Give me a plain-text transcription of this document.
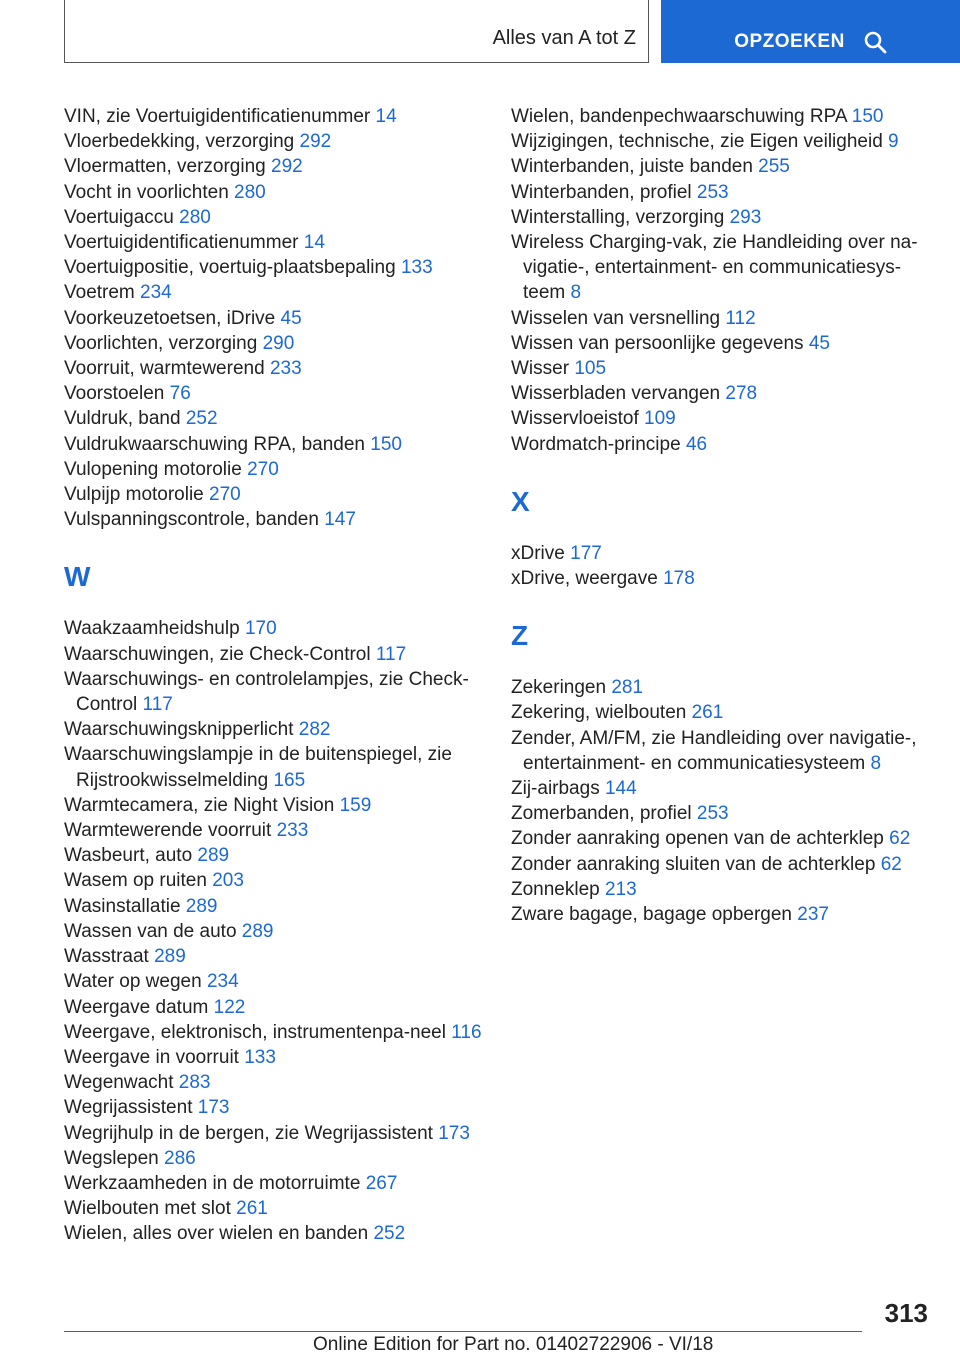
Alles van A tot Z	OPZOEKEN

VIN, zie Voertuigidentificatienummer 14

Vloerbedekking, verzorging 292

Vloermatten, verzorging 292

Vocht in voorlichten 280

Voertuigaccu 280

Voertuigidentificatienummer 14

Voertuigpositie, voertuig-plaatsbepaling 133

Voetrem 234

Voorkeuzetoetsen, iDrive 45

Voorlichten, verzorging 290

Voorruit, warmtewerend 233

Voorstoelen 76

Vuldruk, band 252

Vuldrukwaarschuwing RPA, banden 150

Vulopening motorolie 270

Vulpijp motorolie 270

Vulspanningscontrole, banden 147

W

Waakzaamheidshulp 170

Waarschuwingen, zie Check-Control 117

Waarschuwings- en controlelampjes, zie Check-Control 117

Waarschuwingsknipperlicht 282

Waarschuwingslampje in de buitenspiegel, zie Rijstrookwisselmelding 165

Warmtecamera, zie Night Vision 159

Warmtewerende voorruit 233

Wasbeurt, auto 289

Wasem op ruiten 203

Wasinstallatie 289

Wassen van de auto 289

Wasstraat 289

Water op wegen 234

Weergave datum 122

Weergave, elektronisch, instrumentenpa-neel 116

Weergave in voorruit 133

Wegenwacht 283

Wegrijassistent 173

Wegrijhulp in de bergen, zie Wegrijassistent 173

Wegslepen 286

Werkzaamheden in de motorruimte 267

Wielbouten met slot 261

Wielen, alles over wielen en banden 252

Wielen, bandenpechwaarschuwing RPA 150

Wijzigingen, technische, zie Eigen veiligheid 9

Winterbanden, juiste banden 255

Winterbanden, profiel 253

Winterstalling, verzorging 293

Wireless Charging-vak, zie Handleiding over na-vigatie-, entertainment- en communicatiesys-teem 8

Wisselen van versnelling 112

Wissen van persoonlijke gegevens 45

Wisser 105

Wisserbladen vervangen 278

Wisservloeistof 109

Wordmatch-principe 46

X

xDrive 177

xDrive, weergave 178

Z

Zekeringen 281

Zekering, wielbouten 261

Zender, AM/FM, zie Handleiding over navigatie-, entertainment- en communicatiesysteem 8

Zij-airbags 144

Zomerbanden, profiel 253

Zonder aanraking openen van de achterklep 62

Zonder aanraking sluiten van de achterklep 62

Zonneklep 213

Zware bagage, bagage opbergen 237

313
Online Edition for Part no. 01402722906 - VI/18
